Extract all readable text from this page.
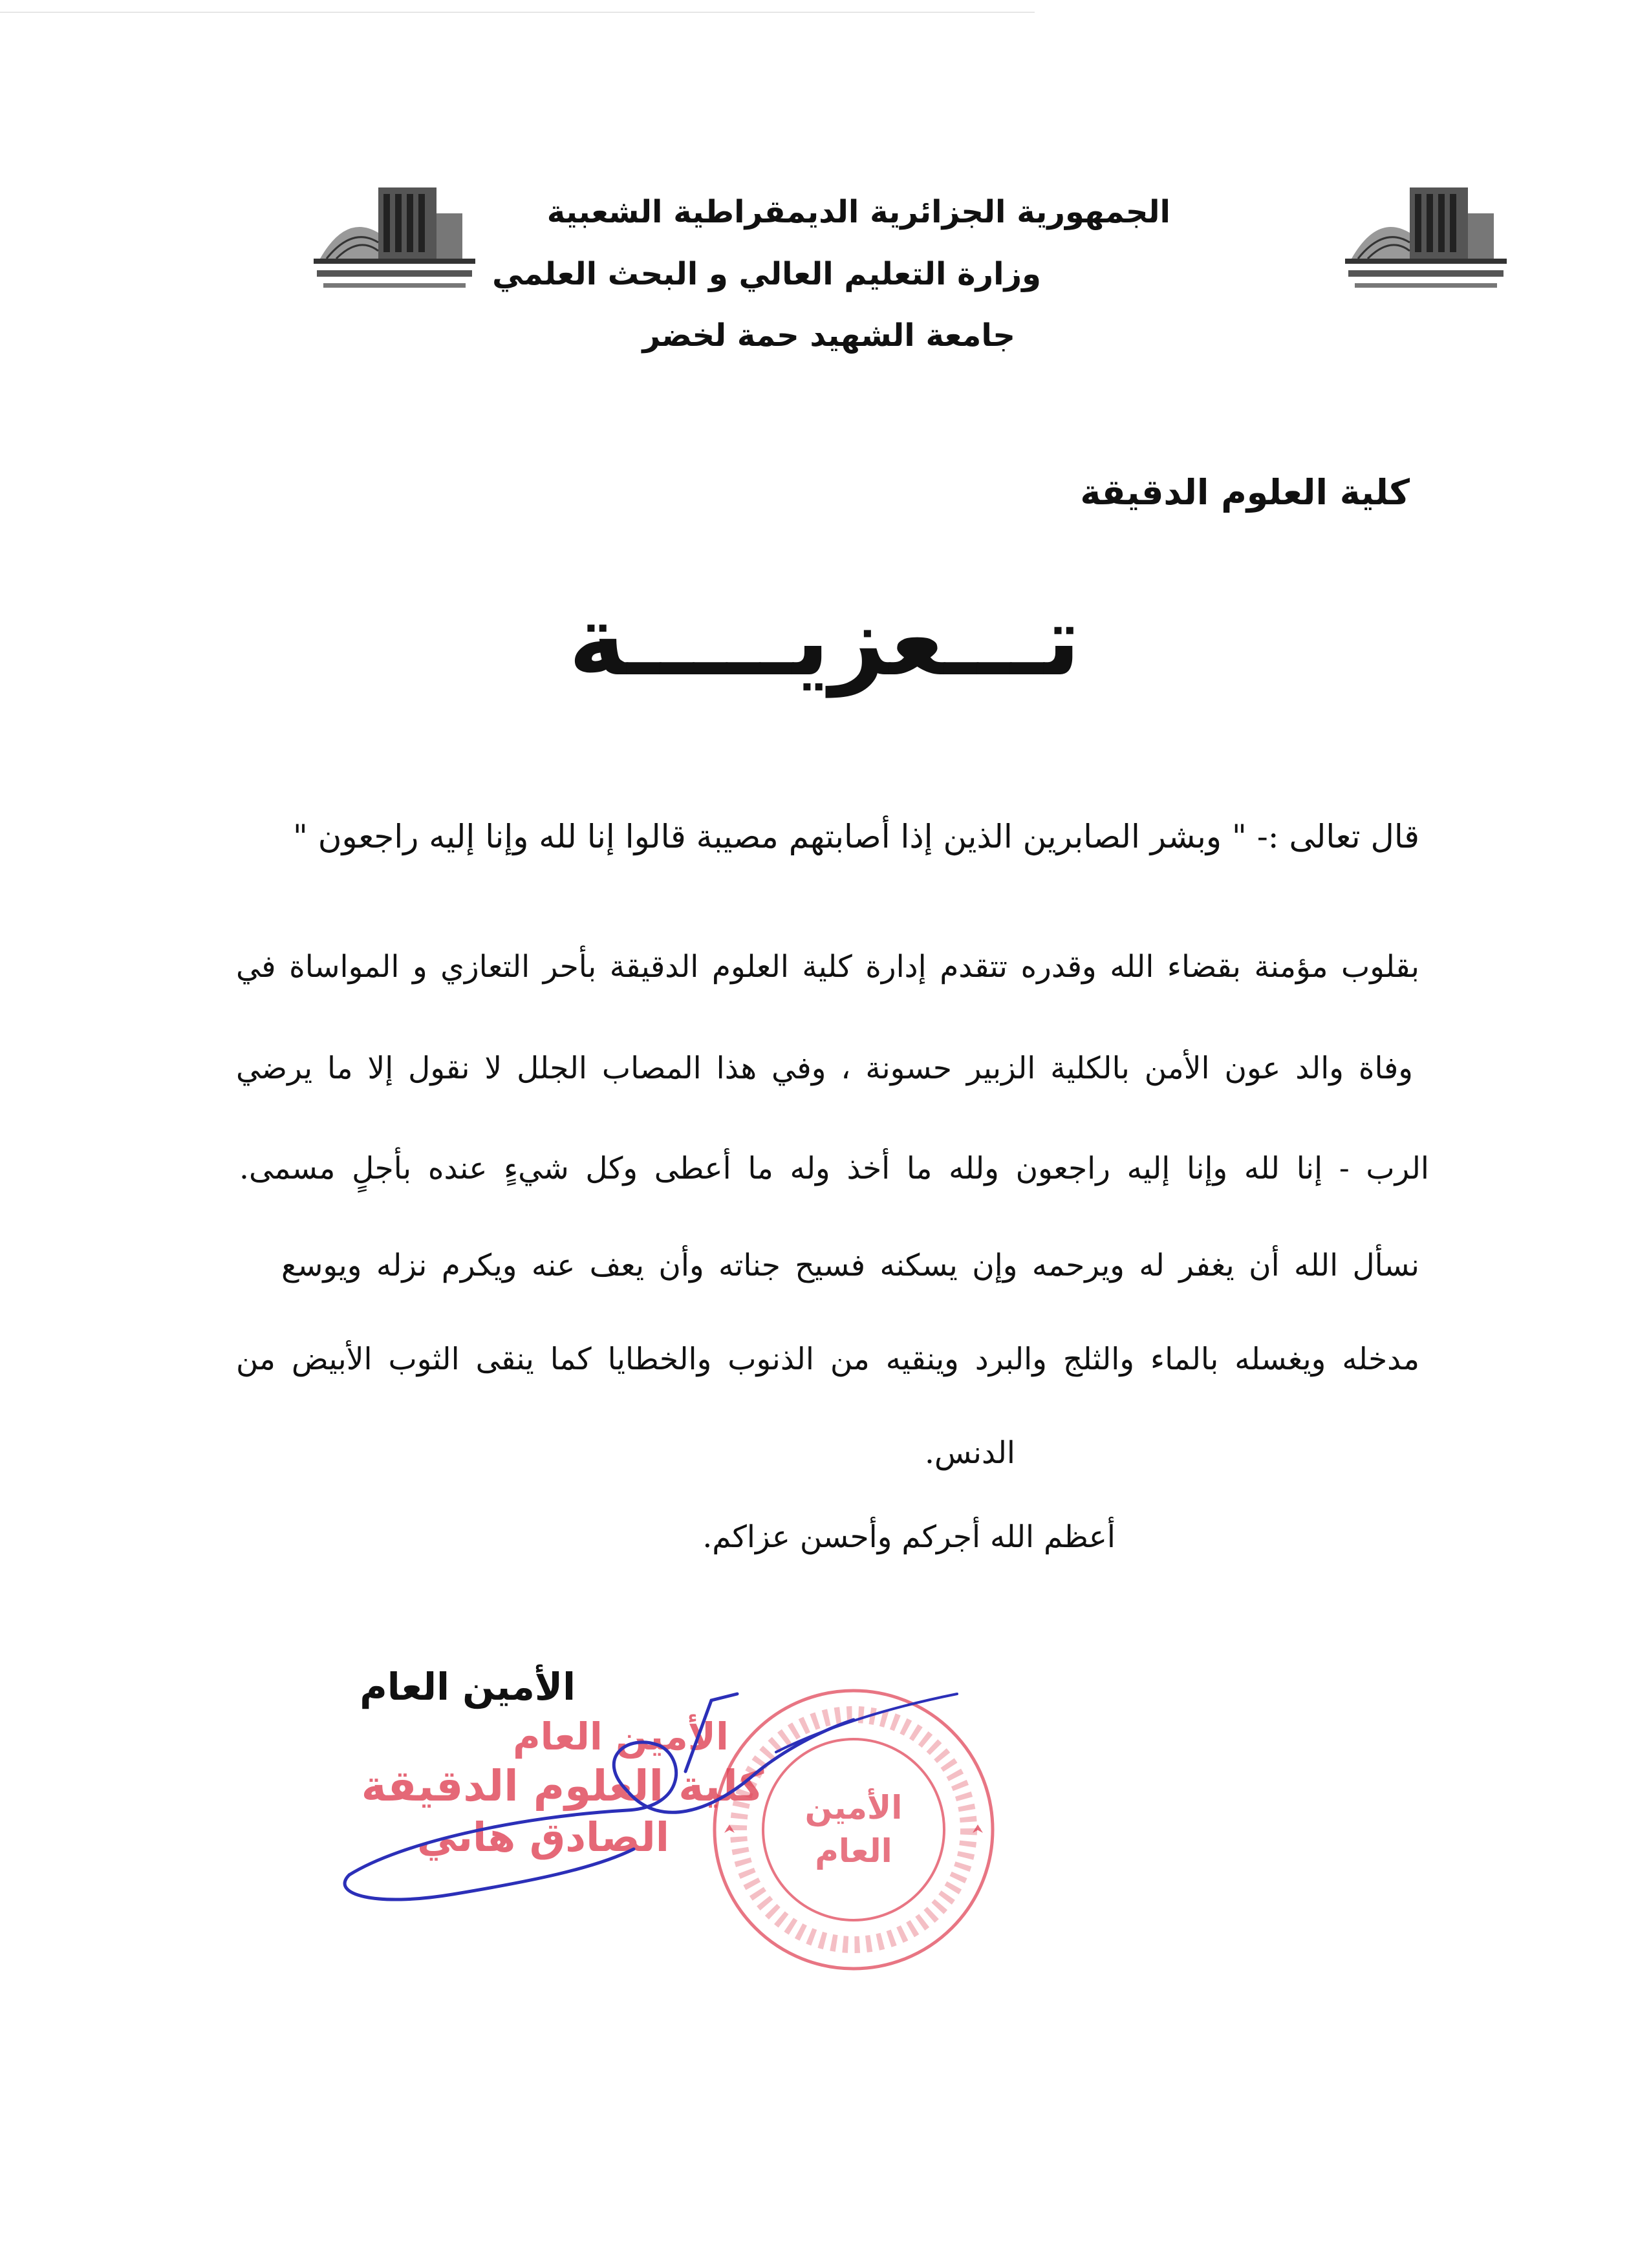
الجمهورية الجزائرية الديمقراطية الشعبية
وزارة التعليم العالي و البحث العلمي
جامعة الشهيد حمة لخضر
كلية العلوم الدقيقة
تـــعزيـــــة
قال تعالى :- " وبشر الصابرين الذين إذا أصابتهم مصيبة قالوا إنا لله وإنا إليه راجعون "
بقلوب مؤمنة بقضاء الله وقدره تتقدم إدارة كلية العلوم الدقيقة بأحر التعازي و المواساة في
وفاة والد عون الأمن بالكلية الزبير حسونة ، وفي هذا المصاب الجلل لا نقول إلا ما يرضي
الرب - إنا لله وإنا إليه راجعون ولله ما أخذ وله ما أعطى وكل شيءٍ عنده بأجلٍ مسمى.
نسأل الله أن يغفر له ويرحمه وإن يسكنه فسيح جناته وأن يعف عنه ويكرم نزله ويوسع
مدخله ويغسله بالماء والثلج والبرد وينقيه من الذنوب والخطايا كما ينقى الثوب الأبيض من
الدنس.
أعظم الله أجركم وأحسن عزاكم.
الأمين العام
الأمين العام
كلية العلوم الدقيقة
الصادق هاني
الأمين
العام
